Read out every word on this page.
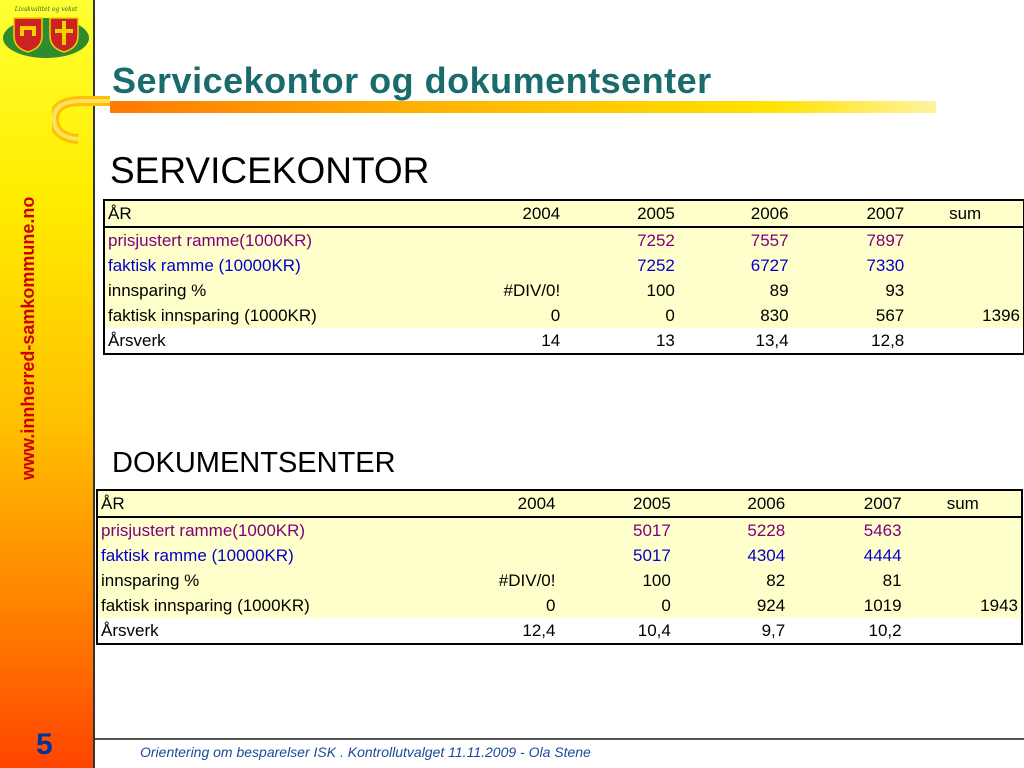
Livskvalitet og vekst
www.innherred-samkommune.no
5
Servicekontor og dokumentsenter
SERVICEKONTOR
ÅR	2004	2005	2006	2007	sum
prisjustert ramme(1000KR)		7252	7557	7897	
faktisk ramme (10000KR)		7252	6727	7330	
innsparing %	#DIV/0!	100	89	93	
faktisk innsparing (1000KR)	0	0	830	567	1396
Årsverk	14	13	13,4	12,8	
DOKUMENTSENTER
ÅR	2004	2005	2006	2007	sum
prisjustert ramme(1000KR)		5017	5228	5463	
faktisk ramme (10000KR)		5017	4304	4444	
innsparing %	#DIV/0!	100	82	81	
faktisk innsparing (1000KR)	0	0	924	1019	1943
Årsverk	12,4	10,4	9,7	10,2	
Orientering om besparelser ISK . Kontrollutvalget 11.11.2009 - Ola Stene
